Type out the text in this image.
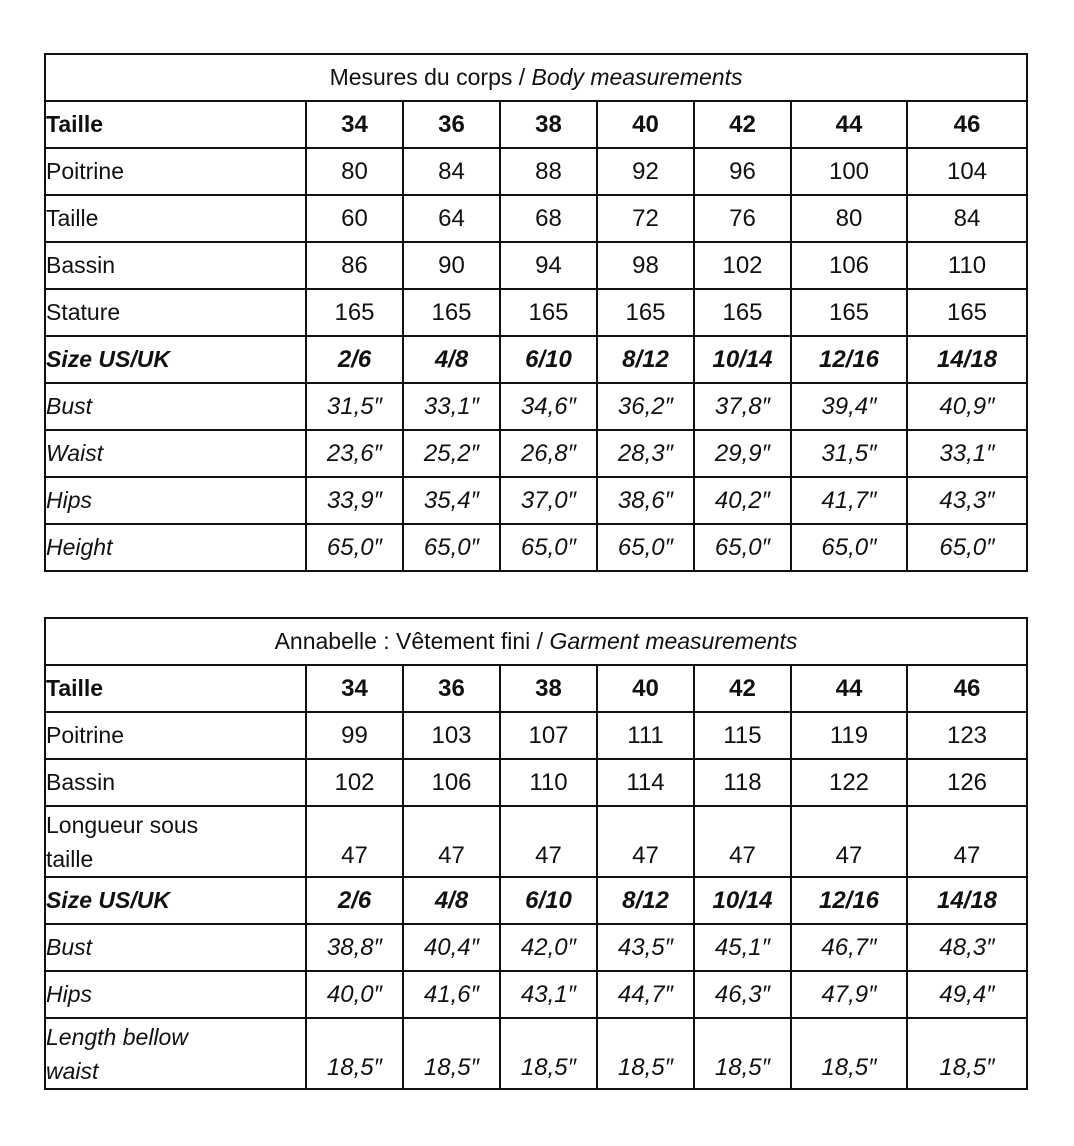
Mesures du corps / Body measurements							
Taille	34	36	38	40	42	44	46
Poitrine	80	84	88	92	96	100	104
Taille	60	64	68	72	76	80	84
Bassin	86	90	94	98	102	106	110
Stature	165	165	165	165	165	165	165
Size US/UK	2/6	4/8	6/10	8/12	10/14	12/16	14/18
Bust	31,5″	33,1″	34,6″	36,2″	37,8″	39,4″	40,9″
Waist	23,6″	25,2″	26,8″	28,3″	29,9″	31,5″	33,1″
Hips	33,9″	35,4″	37,0″	38,6″	40,2″	41,7″	43,3″
Height	65,0″	65,0″	65,0″	65,0″	65,0″	65,0″	65,0″
Annabelle : Vêtement fini / Garment measurements							
Taille	34	36	38	40	42	44	46
Poitrine	99	103	107	111	115	119	123
Bassin	102	106	110	114	118	122	126

Longueur sous
taille	47	47	47	47	47	47	47
Size US/UK	2/6	4/8	6/10	8/12	10/14	12/16	14/18
Bust	38,8″	40,4″	42,0″	43,5″	45,1″	46,7″	48,3″
Hips	40,0″	41,6″	43,1″	44,7″	46,3″	47,9″	49,4″

Length bellow
waist	18,5″	18,5″	18,5″	18,5″	18,5″	18,5″	18,5″
